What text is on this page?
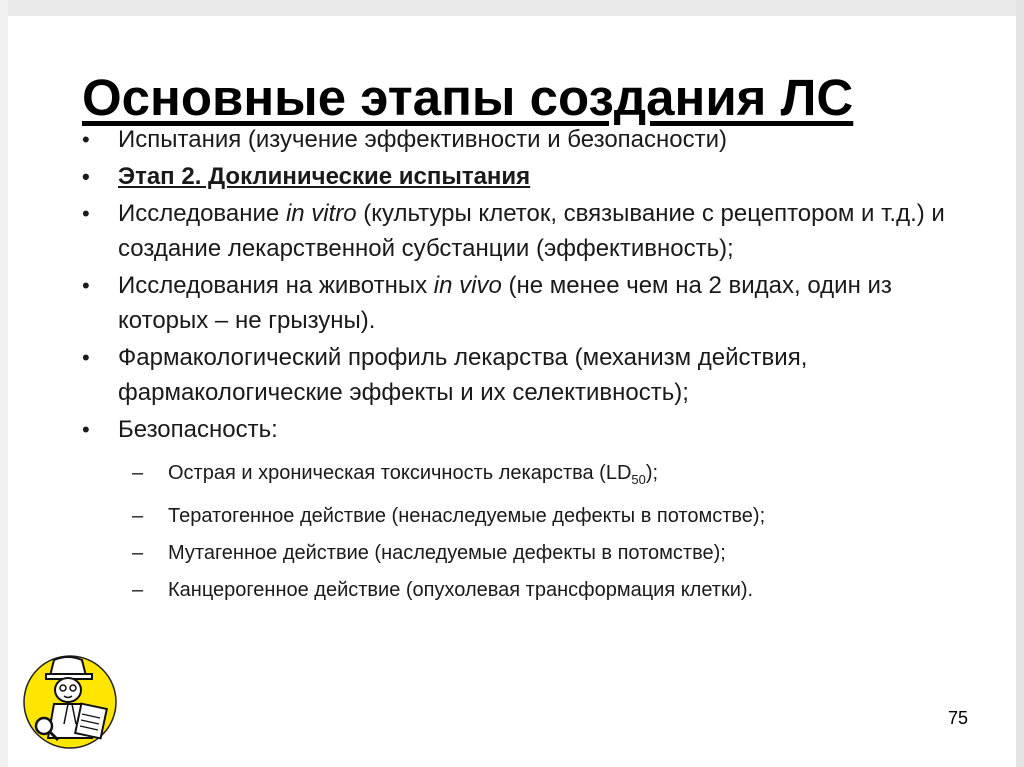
Основные этапы создания ЛС
• Испытания (изучение эффективности и безопасности)
• Этап 2. Доклинические испытания
• Исследование in vitro (культуры клеток, связывание с рецептором и т.д.) и создание лекарственной субстанции (эффективность);
• Исследования на животных in vivo (не менее чем на 2 видах, один из которых – не грызуны).
• Фармакологический профиль лекарства (механизм действия, фармакологические эффекты и их селективность);
• Безопасность:
– Острая и хроническая токсичность лекарства $(LD_{50})$;
– Тератогенное действие (ненаследуемые дефекты в потомстве);
– Мутагенное действие (наследуемые дефекты в потомстве);
– Канцерогенное действие (опухолевая трансформация клетки).
75
